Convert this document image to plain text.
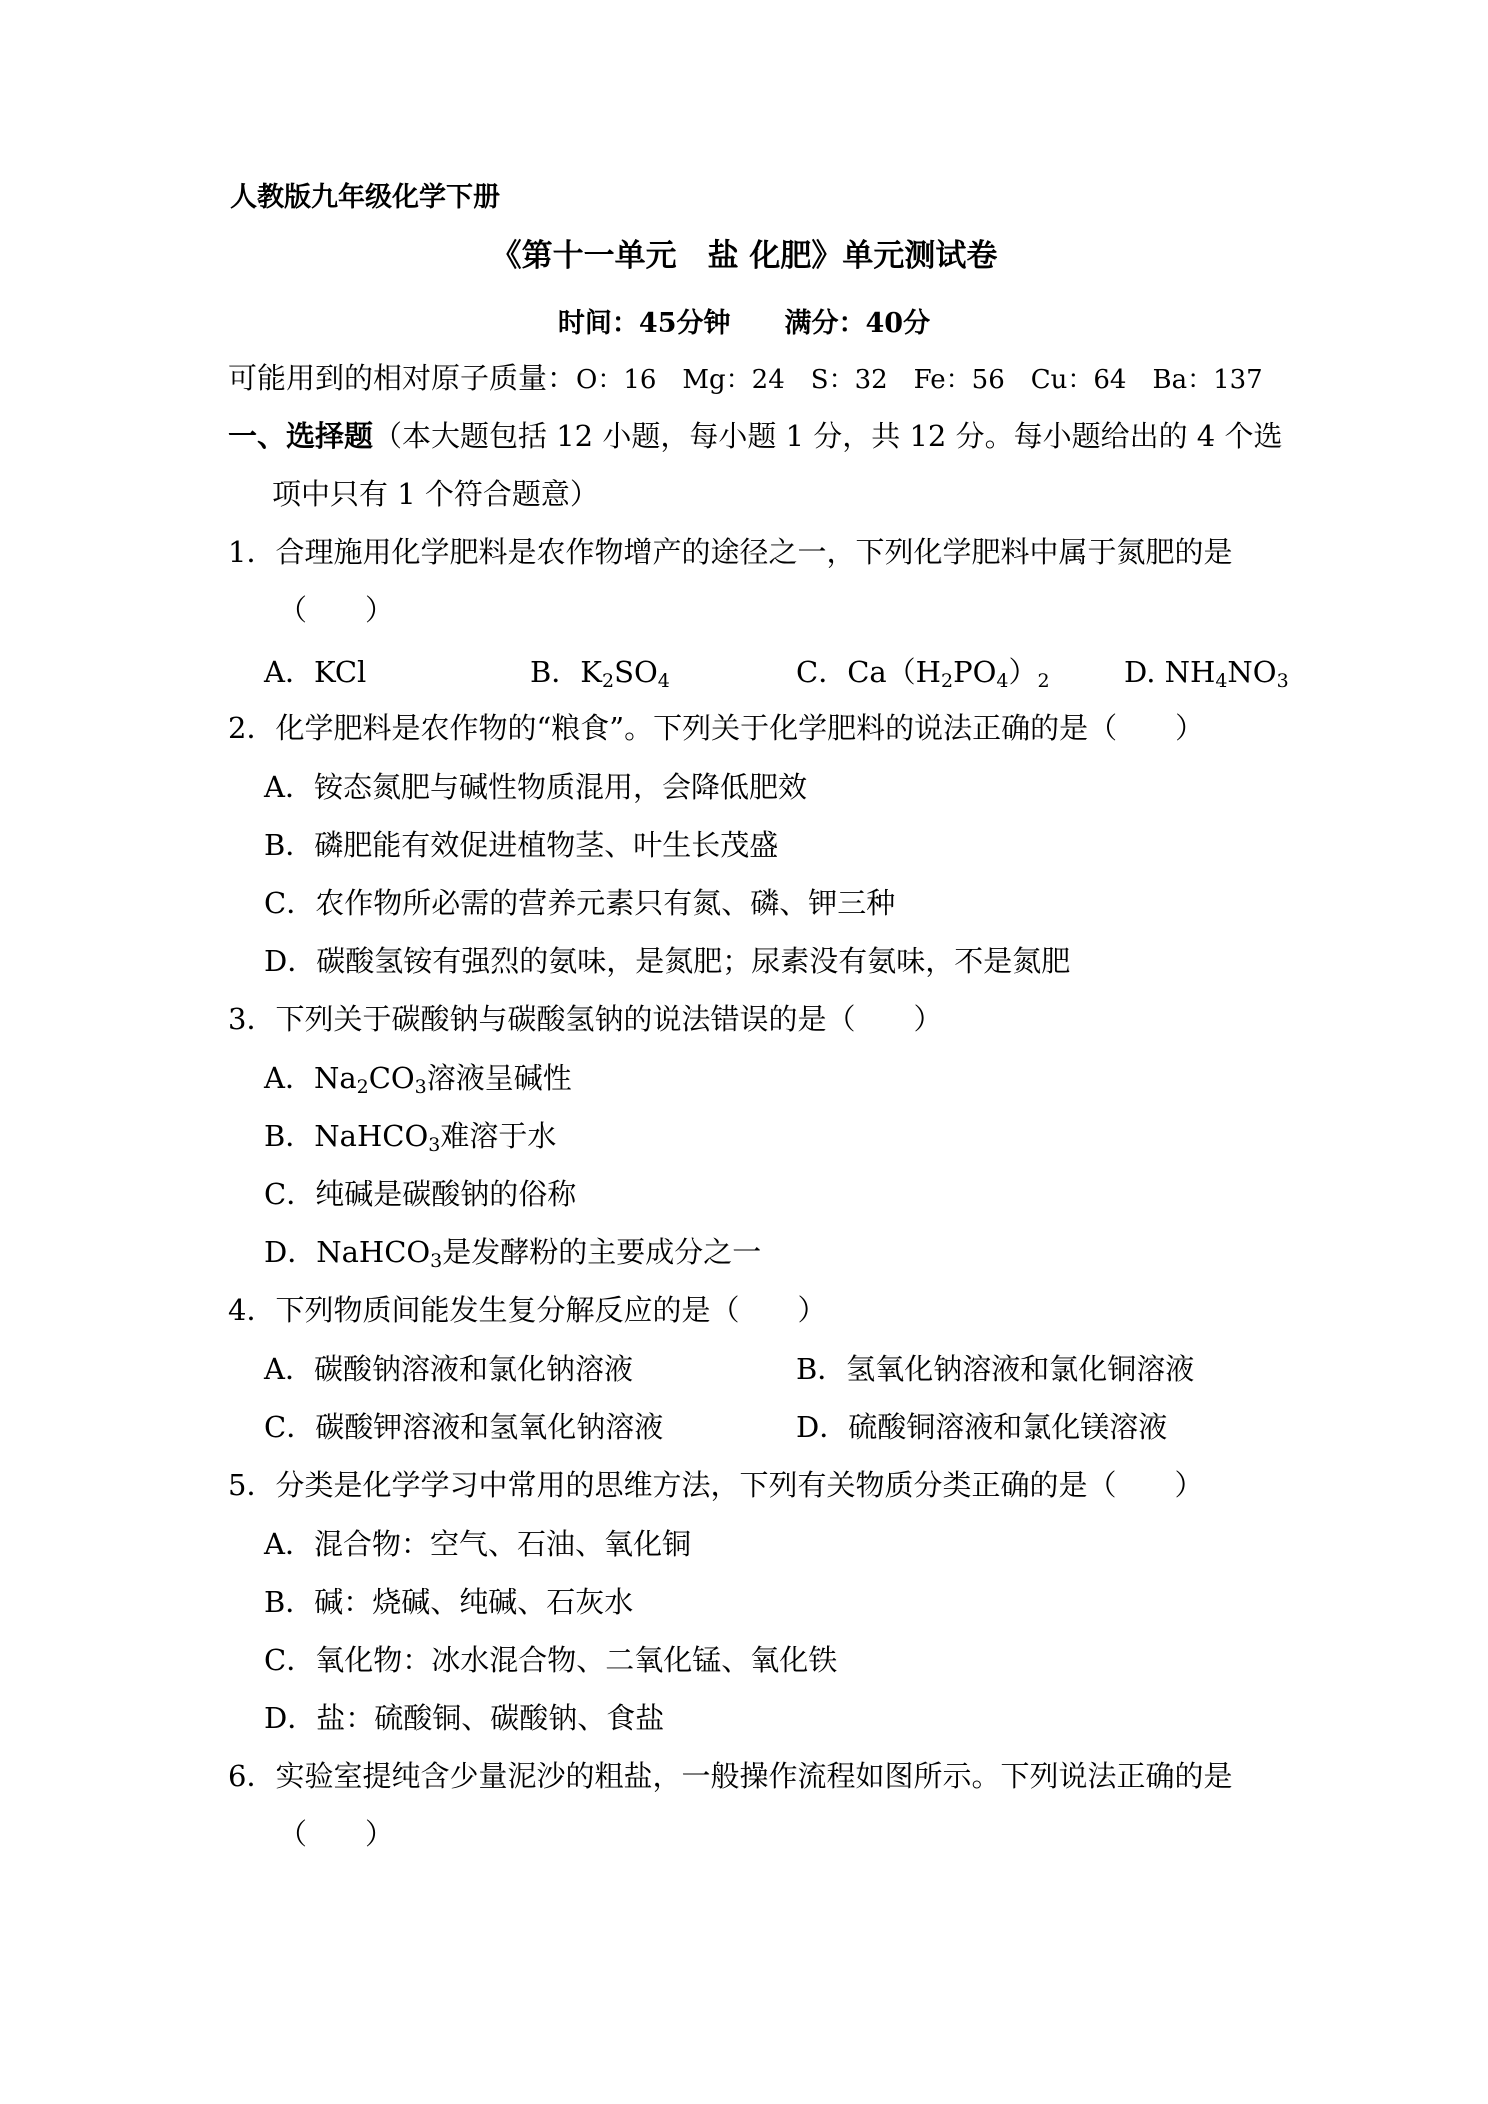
人教版九年级化学下册
《第十一单元　盐 化肥》单元测试卷
时间：45分钟　　满分：40分
可能用到的相对原子质量：O：16　Mg：24　S：32　Fe：56　Cu：64　Ba：137
一、选择题（本大题包括 12 小题，每小题 1 分，共 12 分。每小题给出的 4 个选
项中只有 1 个符合题意）
1．合理施用化学肥料是农作物增产的途径之一，下列化学肥料中属于氮肥的是
（　　）
A．KCl	B．$K_2SO_4$	C．$Ca(H_2PO_4)_2$	D. $NH_4NO_3$
2．化学肥料是农作物的“粮食”。下列关于化学肥料的说法正确的是（　　）
A．铵态氮肥与碱性物质混用，会降低肥效
B．磷肥能有效促进植物茎、叶生长茂盛
C．农作物所必需的营养元素只有氮、磷、钾三种
D．碳酸氢铵有强烈的氨味，是氮肥；尿素没有氨味，不是氮肥
3．下列关于碳酸钠与碳酸氢钠的说法错误的是（　　）
A．$Na_2CO_3$溶液呈碱性
B．NaHCO$_3$难溶于水
C．纯碱是碳酸钠的俗称
D．NaHCO$_3$是发酵粉的主要成分之一
4．下列物质间能发生复分解反应的是（　　）
A．碳酸钠溶液和氯化钠溶液	B．氢氧化钠溶液和氯化铜溶液
C．碳酸钾溶液和氢氧化钠溶液	D．硫酸铜溶液和氯化镁溶液
5．分类是化学学习中常用的思维方法，下列有关物质分类正确的是（　　）
A．混合物：空气、石油、氧化铜
B．碱：烧碱、纯碱、石灰水
C．氧化物：冰水混合物、二氧化锰、氧化铁
D．盐：硫酸铜、碳酸钠、食盐
6．实验室提纯含少量泥沙的粗盐，一般操作流程如图所示。下列说法正确的是
（　　）
